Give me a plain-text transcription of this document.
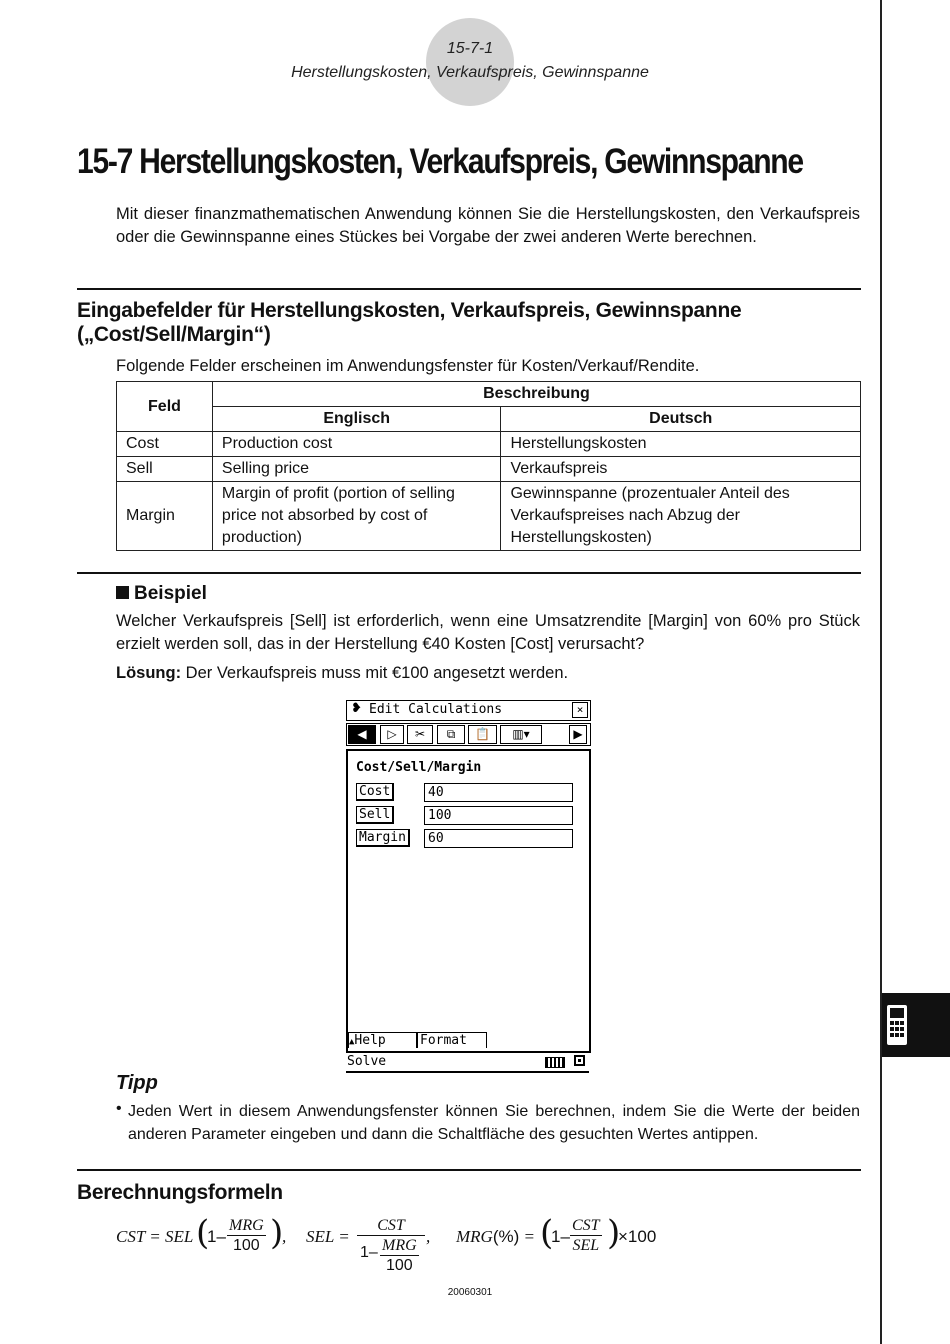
15-7-1
Herstellungskosten, Verkaufspreis, Gewinnspanne
15-7 Herstellungskosten, Verkaufspreis, Gewinnspanne
Mit dieser finanzmathematischen Anwendung können Sie die Herstellungskosten, den Verkaufspreis oder die Gewinnspanne eines Stückes bei Vorgabe der zwei anderen Werte berechnen.
Eingabefelder für Herstellungskosten, Verkaufspreis, Gewinnspanne
(„Cost/Sell/Margin“)
Folgende Felder erscheinen im Anwendungsfenster für Kosten/Verkauf/Rendite.
Feld	Beschreibung	
	Englisch	Deutsch
Cost	Production cost	Herstellungskosten
Sell	Selling price	Verkaufspreis
Margin	Margin of profit (portion of selling price not absorbed by cost of production)	Gewinnspanne (prozentualer Anteil des Verkaufspreises nach Abzug der Herstellungskosten)
Beispiel
Welcher Verkaufspreis [Sell] ist erforderlich, wenn eine Umsatzrendite [Margin] von 60% pro Stück erzielt werden soll, das in der Herstellung €40 Kosten [Cost] verursacht?
Lösung: Der Verkaufspreis muss mit €100 angesetzt werden.
❥ Edit Calculations	×
◀	▷	✂	⧉	📋	▥▾	▶
Cost/Sell/Margin
Cost	40
Sell	100
Margin	60
▲Help	Format
Solve
Tipp
• Jeden Wert in diesem Anwendungsfenster können Sie berechnen, indem Sie die Werte der beiden anderen Parameter eingeben und dann die Schaltfläche des gesuchten Wertes antippen.
Berechnungsformeln
CST = SEL (
1–
MRG
100 )
, SEL =
CST
1– MRG
100
, MRG(%) = (
1–
CST
SEL )
×100
20060301
